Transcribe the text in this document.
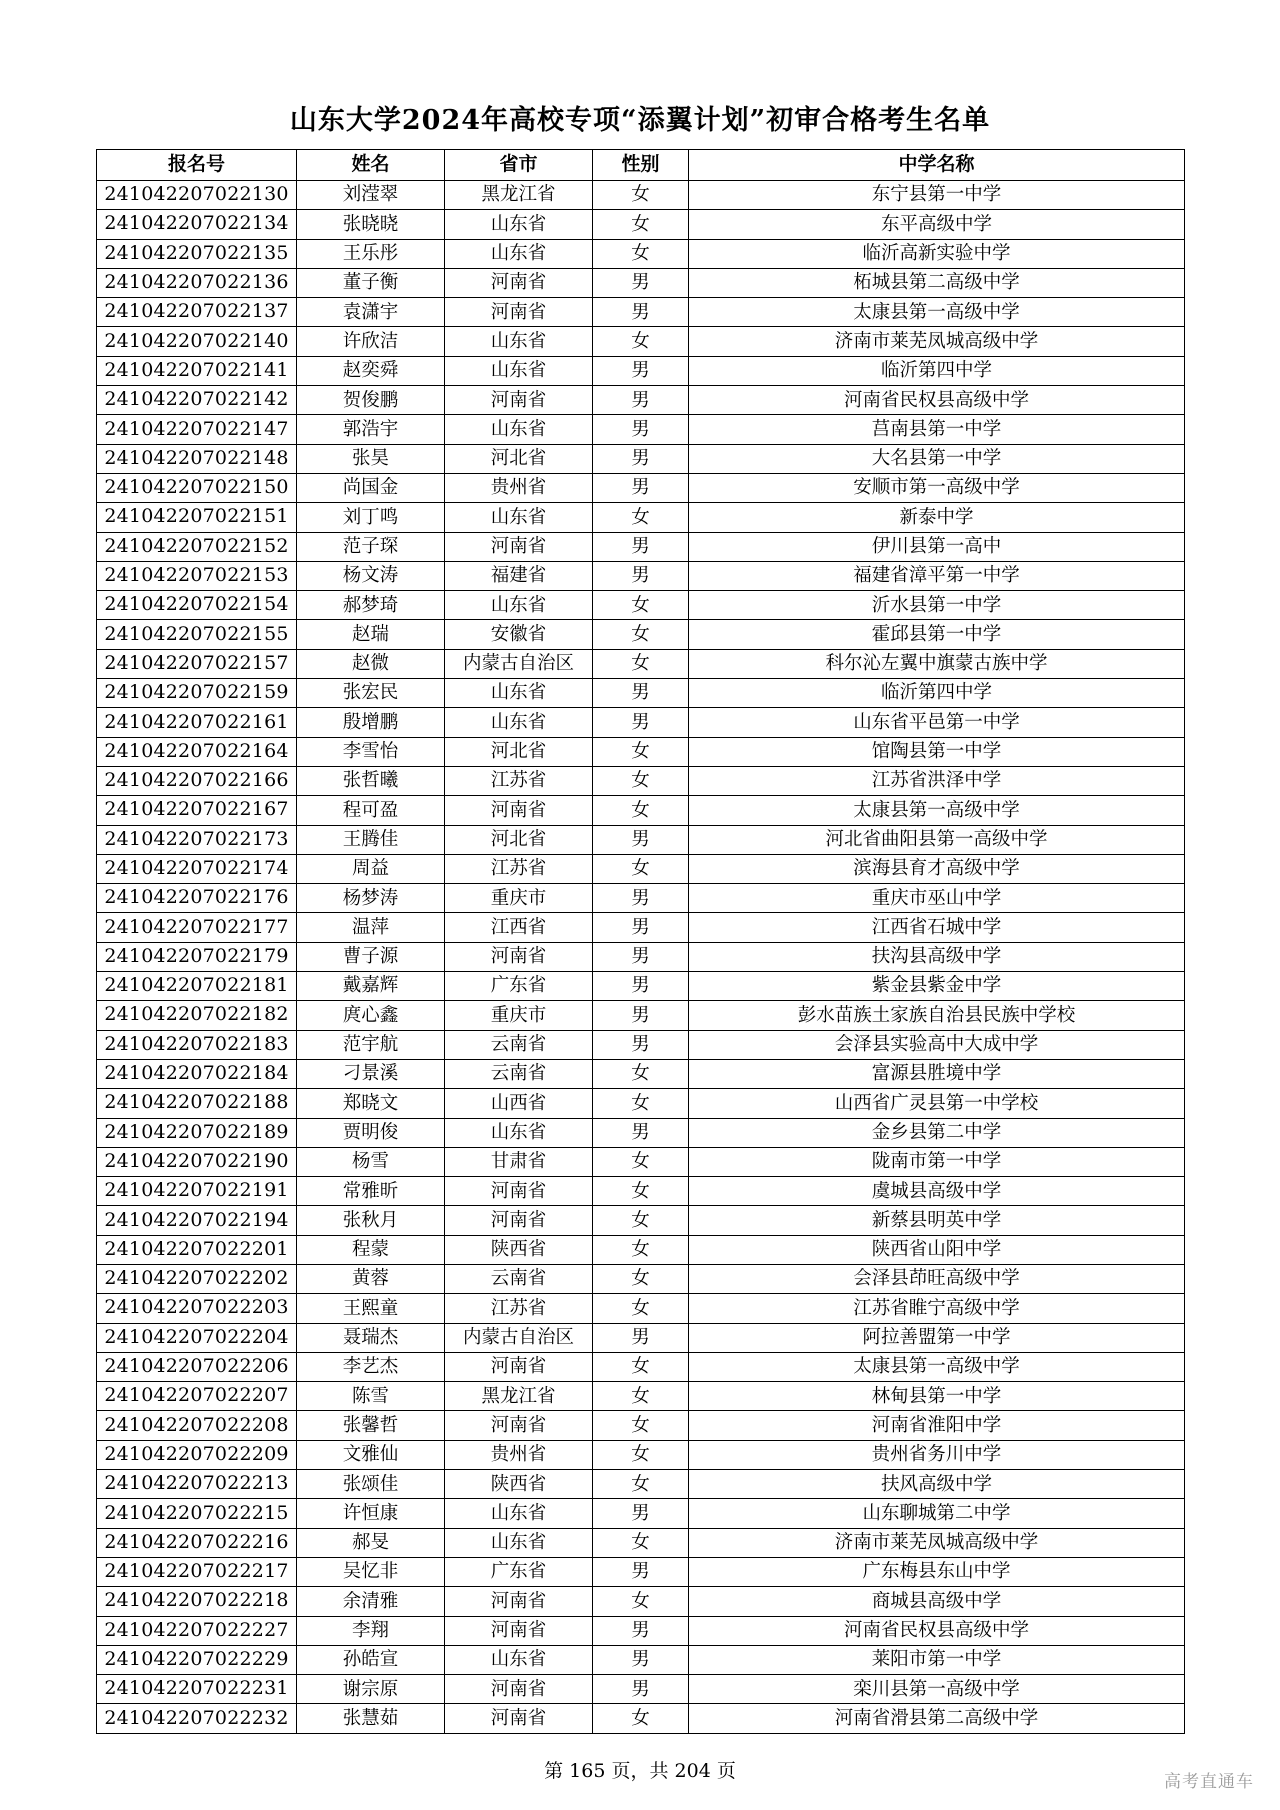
山东大学2024年高校专项“添翼计划”初审合格考生名单
报名号	姓名	省市	性别	中学名称
241042207022130	刘滢翠	黑龙江省	女	东宁县第一中学
241042207022134	张晓晓	山东省	女	东平高级中学
241042207022135	王乐彤	山东省	女	临沂高新实验中学
241042207022136	董子衡	河南省	男	柘城县第二高级中学
241042207022137	袁潇宇	河南省	男	太康县第一高级中学
241042207022140	许欣洁	山东省	女	济南市莱芜凤城高级中学
241042207022141	赵奕舜	山东省	男	临沂第四中学
241042207022142	贺俊鹏	河南省	男	河南省民权县高级中学
241042207022147	郭浩宇	山东省	男	莒南县第一中学
241042207022148	张昊	河北省	男	大名县第一中学
241042207022150	尚国金	贵州省	男	安顺市第一高级中学
241042207022151	刘丁鸣	山东省	女	新泰中学
241042207022152	范子琛	河南省	男	伊川县第一高中
241042207022153	杨文涛	福建省	男	福建省漳平第一中学
241042207022154	郝梦琦	山东省	女	沂水县第一中学
241042207022155	赵瑞	安徽省	女	霍邱县第一中学
241042207022157	赵微	内蒙古自治区	女	科尔沁左翼中旗蒙古族中学
241042207022159	张宏民	山东省	男	临沂第四中学
241042207022161	殷增鹏	山东省	男	山东省平邑第一中学
241042207022164	李雪怡	河北省	女	馆陶县第一中学
241042207022166	张哲曦	江苏省	女	江苏省洪泽中学
241042207022167	程可盈	河南省	女	太康县第一高级中学
241042207022173	王腾佳	河北省	男	河北省曲阳县第一高级中学
241042207022174	周益	江苏省	女	滨海县育才高级中学
241042207022176	杨梦涛	重庆市	男	重庆市巫山中学
241042207022177	温萍	江西省	男	江西省石城中学
241042207022179	曹子源	河南省	男	扶沟县高级中学
241042207022181	戴嘉辉	广东省	男	紫金县紫金中学
241042207022182	庹心鑫	重庆市	男	彭水苗族土家族自治县民族中学校
241042207022183	范宇航	云南省	男	会泽县实验高中大成中学
241042207022184	刁景溪	云南省	女	富源县胜境中学
241042207022188	郑晓文	山西省	女	山西省广灵县第一中学校
241042207022189	贾明俊	山东省	男	金乡县第二中学
241042207022190	杨雪	甘肃省	女	陇南市第一中学
241042207022191	常雅昕	河南省	女	虞城县高级中学
241042207022194	张秋月	河南省	女	新蔡县明英中学
241042207022201	程蒙	陕西省	女	陕西省山阳中学
241042207022202	黄蓉	云南省	女	会泽县茚旺高级中学
241042207022203	王熙童	江苏省	女	江苏省睢宁高级中学
241042207022204	聂瑞杰	内蒙古自治区	男	阿拉善盟第一中学
241042207022206	李艺杰	河南省	女	太康县第一高级中学
241042207022207	陈雪	黑龙江省	女	林甸县第一中学
241042207022208	张馨哲	河南省	女	河南省淮阳中学
241042207022209	文雅仙	贵州省	女	贵州省务川中学
241042207022213	张颂佳	陕西省	女	扶风高级中学
241042207022215	许恒康	山东省	男	山东聊城第二中学
241042207022216	郝旻	山东省	女	济南市莱芜凤城高级中学
241042207022217	吴忆非	广东省	男	广东梅县东山中学
241042207022218	余清雅	河南省	女	商城县高级中学
241042207022227	李翔	河南省	男	河南省民权县高级中学
241042207022229	孙皓宣	山东省	男	莱阳市第一中学
241042207022231	谢宗原	河南省	男	栾川县第一高级中学
241042207022232	张慧茹	河南省	女	河南省滑县第二高级中学
第 165 页，共 204 页
高考直通车
